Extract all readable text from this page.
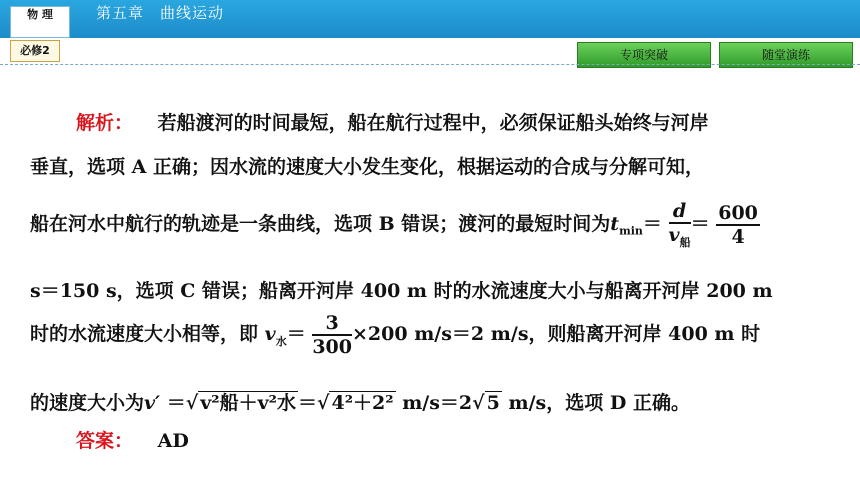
物 理	第五章　曲线运动
必修2	专项突破	随堂演练
解析： 若船渡河的时间最短，船在航行过程中，必须保证船头始终与河岸
垂直，选项 A 正确；因水流的速度大小发生变化，根据运动的合成与分解可知，
船在河水中航行的轨迹是一条曲线，选项 B 错误；渡河的最短时间为$t_{min}= \frac{d}{v_船} = \frac{600}{4}$
s＝150 s，选项 C 错误；船离开河岸 400 m 时的水流速度大小与船离开河岸 200 m
时的水流速度大小相等，即 $v_水= \frac{3}{300} \times 200$ m/s＝2 m/s，则船离开河岸 400 m 时
的速度大小为v′ ＝√ v²船＋v²水 ＝√ 4²＋2² m/s＝2√ 5 m/s，选项 D 正确。
答案： AD
